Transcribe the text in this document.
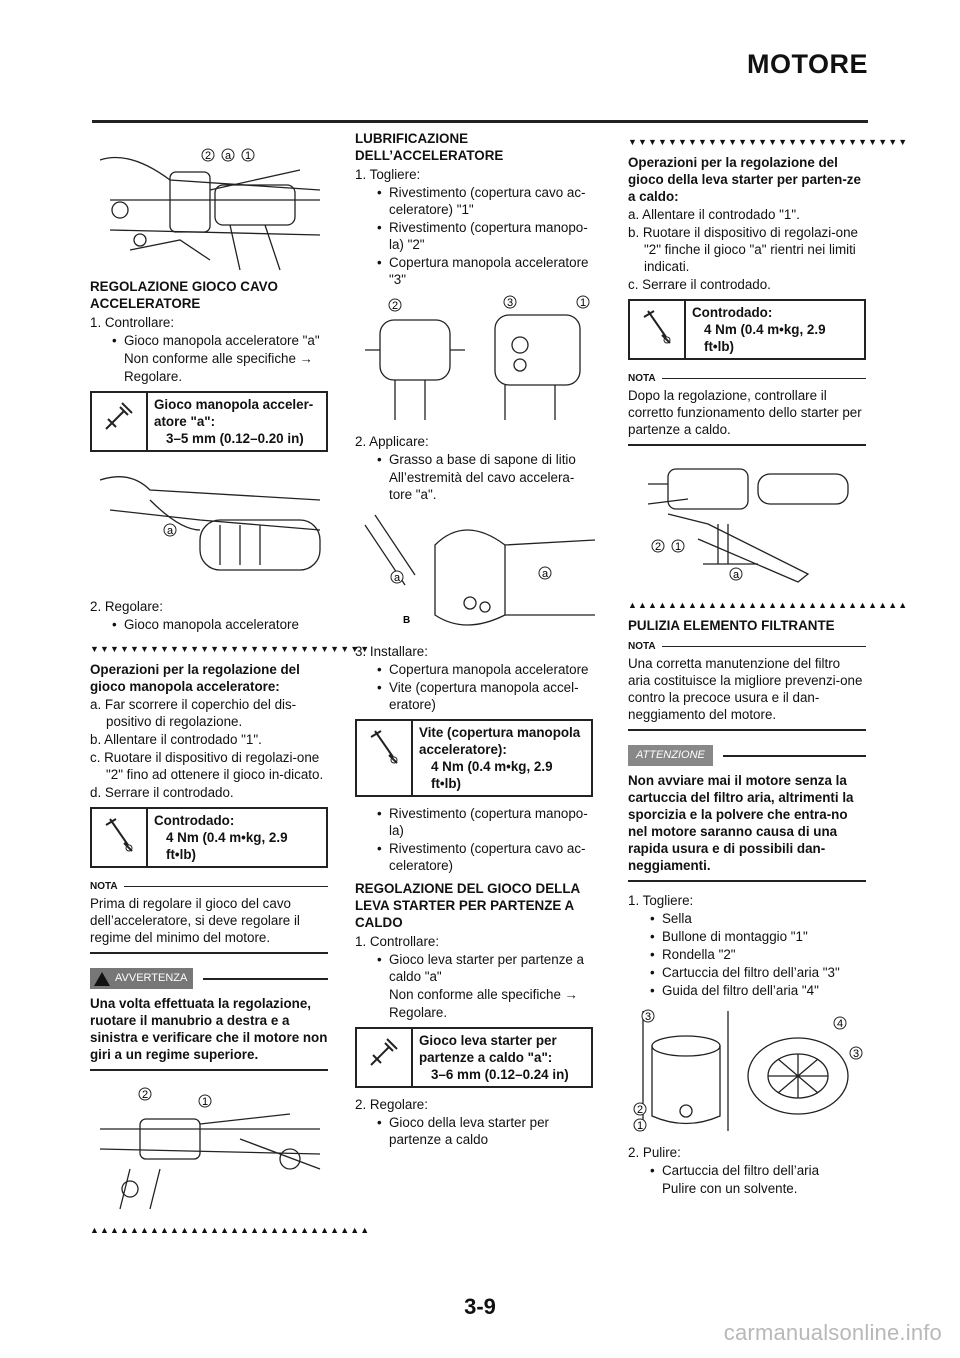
MOTORE
2 a 1
REGOLAZIONE GIOCO CAVO ACCELERATORE
1. Controllare:
• Gioco manopola acceleratore "a"
Non conforme alle specifiche →
Regolare.
Gioco manopola acceler-atore "a":
3–5 mm (0.12–0.20 in)
a
2. Regolare:
• Gioco manopola acceleratore
▼▼▼▼▼▼▼▼▼▼▼▼▼▼▼▼▼▼▼▼▼▼▼▼▼▼▼▼
Operazioni per la regolazione del gioco manopola acceleratore:
a. Far scorrere il coperchio del dis-positivo di regolazione.
b. Allentare il controdado "1".
c. Ruotare il dispositivo di regolazi-one "2" fino ad ottenere il gioco in-dicato.
d. Serrare il controdado.
Controdado:
4 Nm (0.4 m•kg, 2.9 ft•lb)
NOTA
Prima di regolare il gioco del cavo dell’acceleratore, si deve regolare il regime del minimo del motore.
AVVERTENZA
Una volta effettuata la regolazione, ruotare il manubrio a destra e a sinistra e verificare che il motore non giri a un regime superiore.
2
1
▲▲▲▲▲▲▲▲▲▲▲▲▲▲▲▲▲▲▲▲▲▲▲▲▲▲▲▲
LUBRIFICAZIONE DELL’ACCELERATORE
1. Togliere:
• Rivestimento (copertura cavo ac-celeratore) "1"
• Rivestimento (copertura manopo-la) "2"
• Copertura manopola acceleratore "3"
2	3	1
2. Applicare:
• Grasso a base di sapone di litio
All’estremità del cavo accelera-tore "a".
a	a
B
3. Installare:
• Copertura manopola acceleratore
• Vite (copertura manopola accel-eratore)
Vite (copertura manopola acceleratore):
4 Nm (0.4 m•kg, 2.9 ft•lb)
• Rivestimento (copertura manopo-la)
• Rivestimento (copertura cavo ac-celeratore)
REGOLAZIONE DEL GIOCO DELLA LEVA STARTER PER PARTENZE A CALDO
1. Controllare:
• Gioco leva starter per partenze a caldo "a"
Non conforme alle specifiche →
Regolare.
Gioco leva starter per partenze a caldo "a":
3–6 mm (0.12–0.24 in)
2. Regolare:
• Gioco della leva starter per partenze a caldo
▼▼▼▼▼▼▼▼▼▼▼▼▼▼▼▼▼▼▼▼▼▼▼▼▼▼▼▼
Operazioni per la regolazione del gioco della leva starter per parten-ze a caldo:
a. Allentare il controdado "1".
b. Ruotare il dispositivo di regolazi-one "2" finche il gioco "a" rientri nei limiti indicati.
c. Serrare il controdado.
Controdado:
4 Nm (0.4 m•kg, 2.9 ft•lb)
NOTA
Dopo la regolazione, controllare il corretto funzionamento dello starter per partenze a caldo.
2 1
a
▲▲▲▲▲▲▲▲▲▲▲▲▲▲▲▲▲▲▲▲▲▲▲▲▲▲▲▲
PULIZIA ELEMENTO FILTRANTE
NOTA
Una corretta manutenzione del filtro aria costituisce la migliore prevenzi-one contro la precoce usura e il dan-neggiamento del motore.
ATTENZIONE
Non avviare mai il motore senza la cartuccia del filtro aria, altrimenti la sporcizia e la polvere che entra-no nel motore saranno causa di una rapida usura e di possibili dan-neggiamenti.
1. Togliere:
• Sella
• Bullone di montaggio "1"
• Rondella "2"
• Cartuccia del filtro dell’aria "3"
• Guida del filtro dell’aria "4"
3
4
3
2
1
2. Pulire:
• Cartuccia del filtro dell’aria
Pulire con un solvente.
3-9
carmanualsonline.info
